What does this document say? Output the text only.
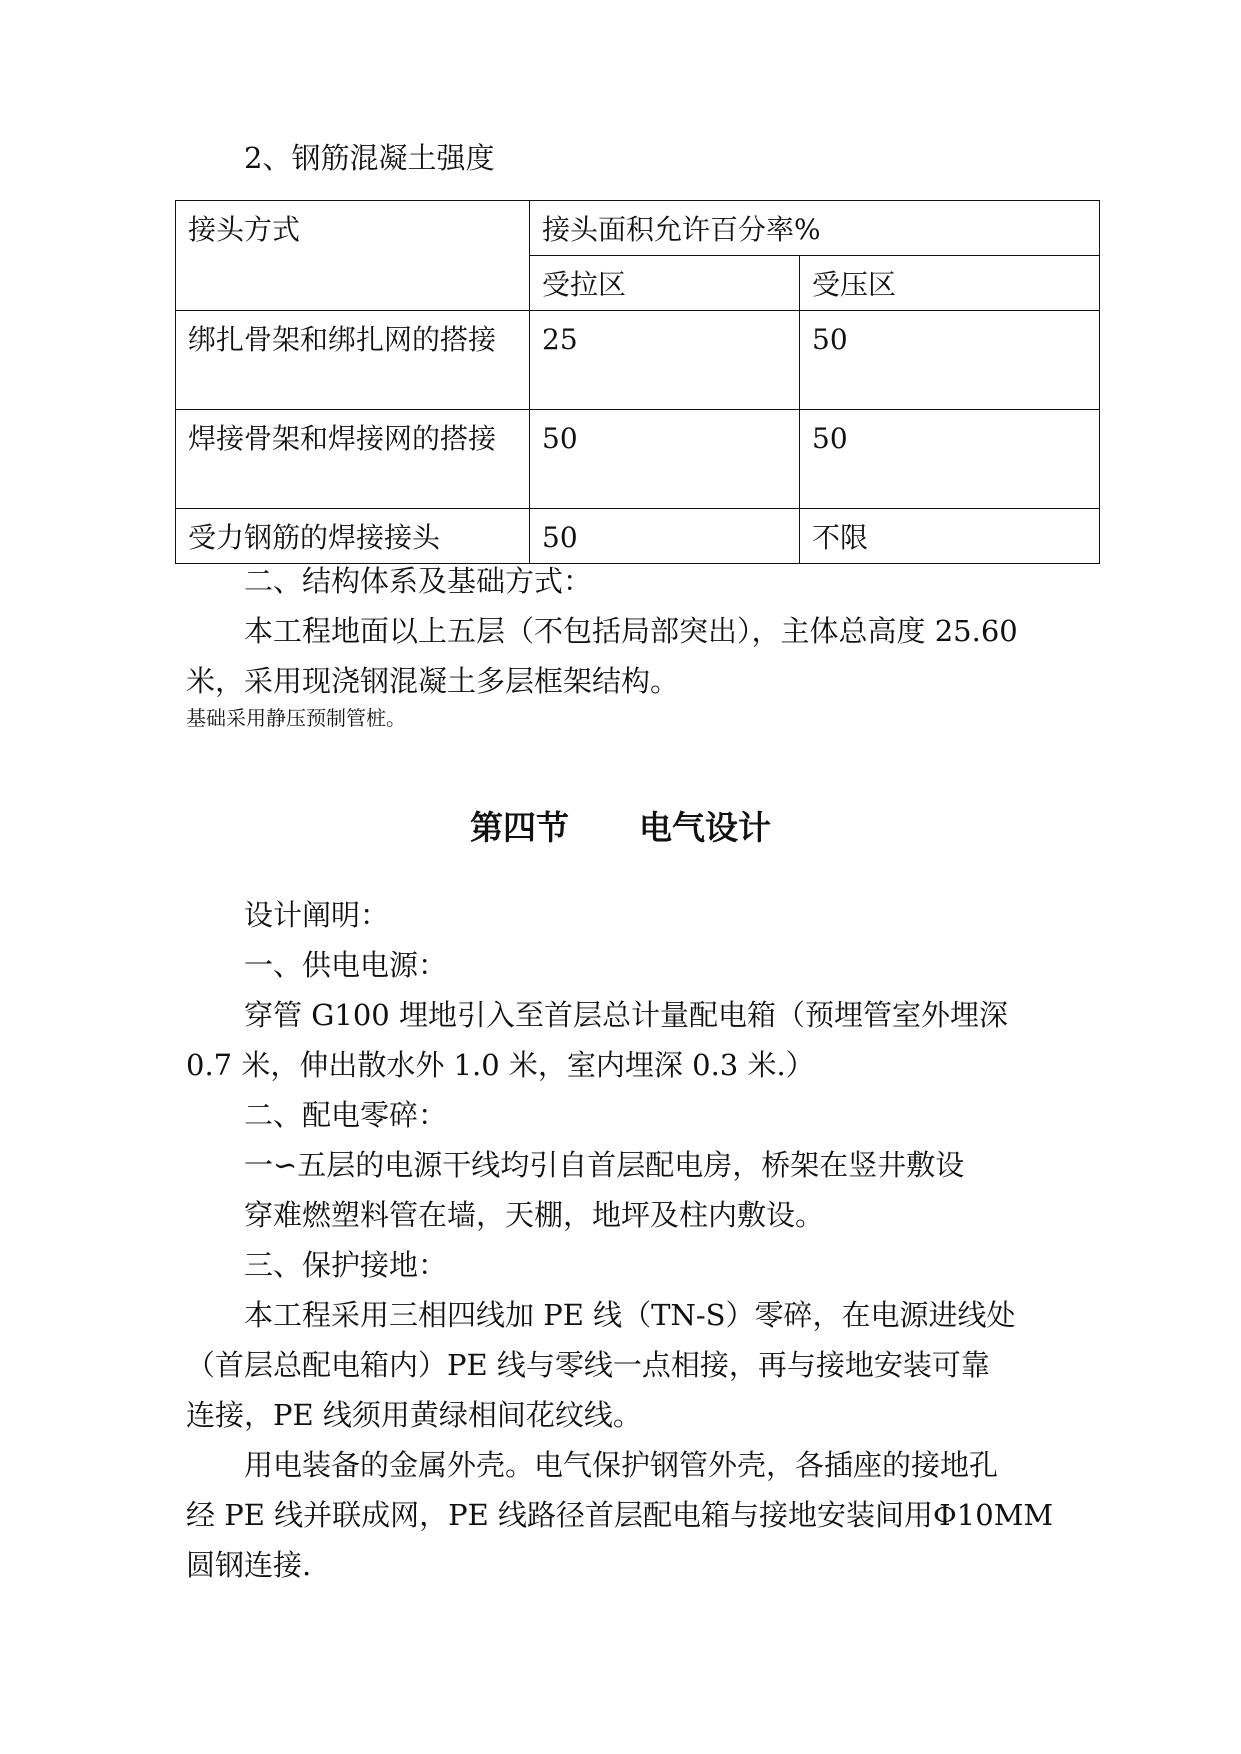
2、钢筋混凝土强度
接头方式	接头面积允许百分率%	
	受拉区	受压区
绑扎骨架和绑扎网的搭接	25	50
焊接骨架和焊接网的搭接	50	50
受力钢筋的焊接接头	50	不限
二、结构体系及基础方式：
本工程地面以上五层（不包括局部突出），主体总高度 25.60
米，采用现浇钢混凝土多层框架结构。
基础采用静压预制管桩。
第四节 电气设计
设计阐明：
一、供电电源：
穿管 G100 埋地引入至首层总计量配电箱（预埋管室外埋深
0.7 米，伸出散水外 1.0 米，室内埋深 0.3 米.）
二、配电零碎：
一∽五层的电源干线均引自首层配电房，桥架在竖井敷设
穿难燃塑料管在墙，天棚，地坪及柱内敷设。
三、保护接地：
本工程采用三相四线加 PE 线（TN-S）零碎，在电源进线处
（首层总配电箱内）PE 线与零线一点相接，再与接地安装可靠
连接，PE 线须用黄绿相间花纹线。
用电装备的金属外壳。电气保护钢管外壳，各插座的接地孔
经 PE 线并联成网，PE 线路径首层配电箱与接地安装间用Φ10MM
圆钢连接.
